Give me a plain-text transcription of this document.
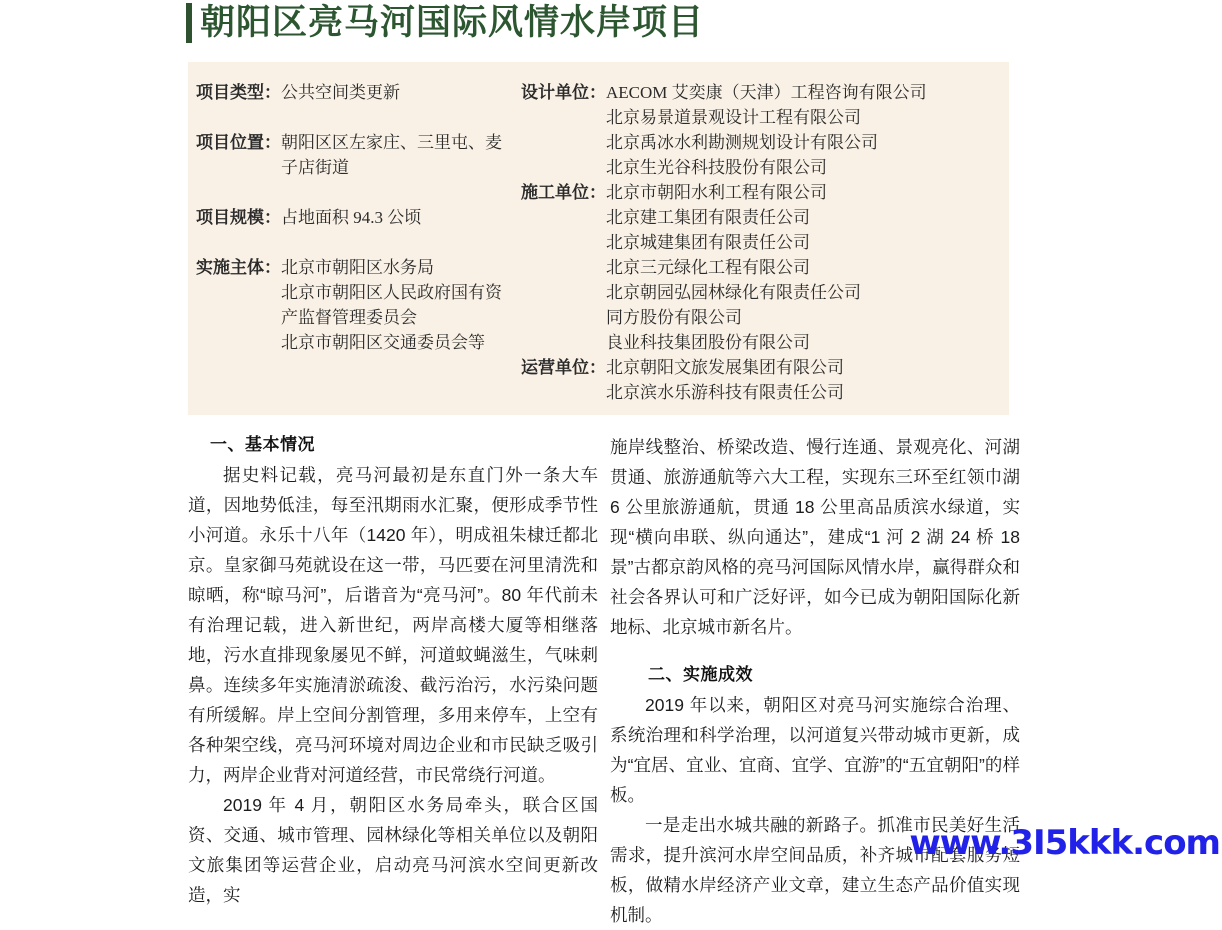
朝阳区亮马河国际风情水岸项目
项目类型： 公共空间类更新
项目位置： 朝阳区区左家庄、三里屯、麦
子店街道
项目规模： 占地面积 94.3 公顷
实施主体： 北京市朝阳区水务局
北京市朝阳区人民政府国有资
产监督管理委员会
北京市朝阳区交通委员会等
设计单位： AECOM 艾奕康（天津）工程咨询有限公司
北京易景道景观设计工程有限公司
北京禹冰水利勘测规划设计有限公司
北京生光谷科技股份有限公司
施工单位： 北京市朝阳水利工程有限公司
北京建工集团有限责任公司
北京城建集团有限责任公司
北京三元绿化工程有限公司
北京朝园弘园林绿化有限责任公司
同方股份有限公司
良业科技集团股份有限公司
运营单位： 北京朝阳文旅发展集团有限公司
北京滨水乐游科技有限责任公司
一、基本情况

据史料记载，亮马河最初是东直门外一条大车道，因地势低洼，每至汛期雨水汇聚，便形成季节性小河道。永乐十八年（1420 年），明成祖朱棣迁都北京。皇家御马苑就设在这一带，马匹要在河里清洗和晾晒，称“晾马河”，后谐音为“亮马河”。80 年代前未有治理记载，进入新世纪，两岸高楼大厦等相继落地，污水直排现象屡见不鲜，河道蚊蝇滋生，气味刺鼻。连续多年实施清淤疏浚、截污治污，水污染问题有所缓解。岸上空间分割管理，多用来停车，上空有各种架空线，亮马河环境对周边企业和市民缺乏吸引力，两岸企业背对河道经营，市民常绕行河道。

2019 年 4 月，朝阳区水务局牵头，联合区国资、交通、城市管理、园林绿化等相关单位以及朝阳文旅集团等运营企业，启动亮马河滨水空间更新改造，实

施岸线整治、桥梁改造、慢行连通、景观亮化、河湖贯通、旅游通航等六大工程，实现东三环至红领巾湖 6 公里旅游通航，贯通 18 公里高品质滨水绿道，实现“横向串联、纵向通达”，建成“1 河 2 湖 24 桥 18 景”古都京韵风格的亮马河国际风情水岸，赢得群众和社会各界认可和广泛好评，如今已成为朝阳国际化新地标、北京城市新名片。

二、实施成效

2019 年以来，朝阳区对亮马河实施综合治理、系统治理和科学治理，以河道复兴带动城市更新，成为“宜居、宜业、宜商、宜学、宜游”的“五宜朝阳”的样板。

一是走出水城共融的新路子。抓准市民美好生活需求，提升滨河水岸空间品质，补齐城市配套服务短板，做精水岸经济产业文章，建立生态产品价值实现机制。

www.3I5kkk.com
